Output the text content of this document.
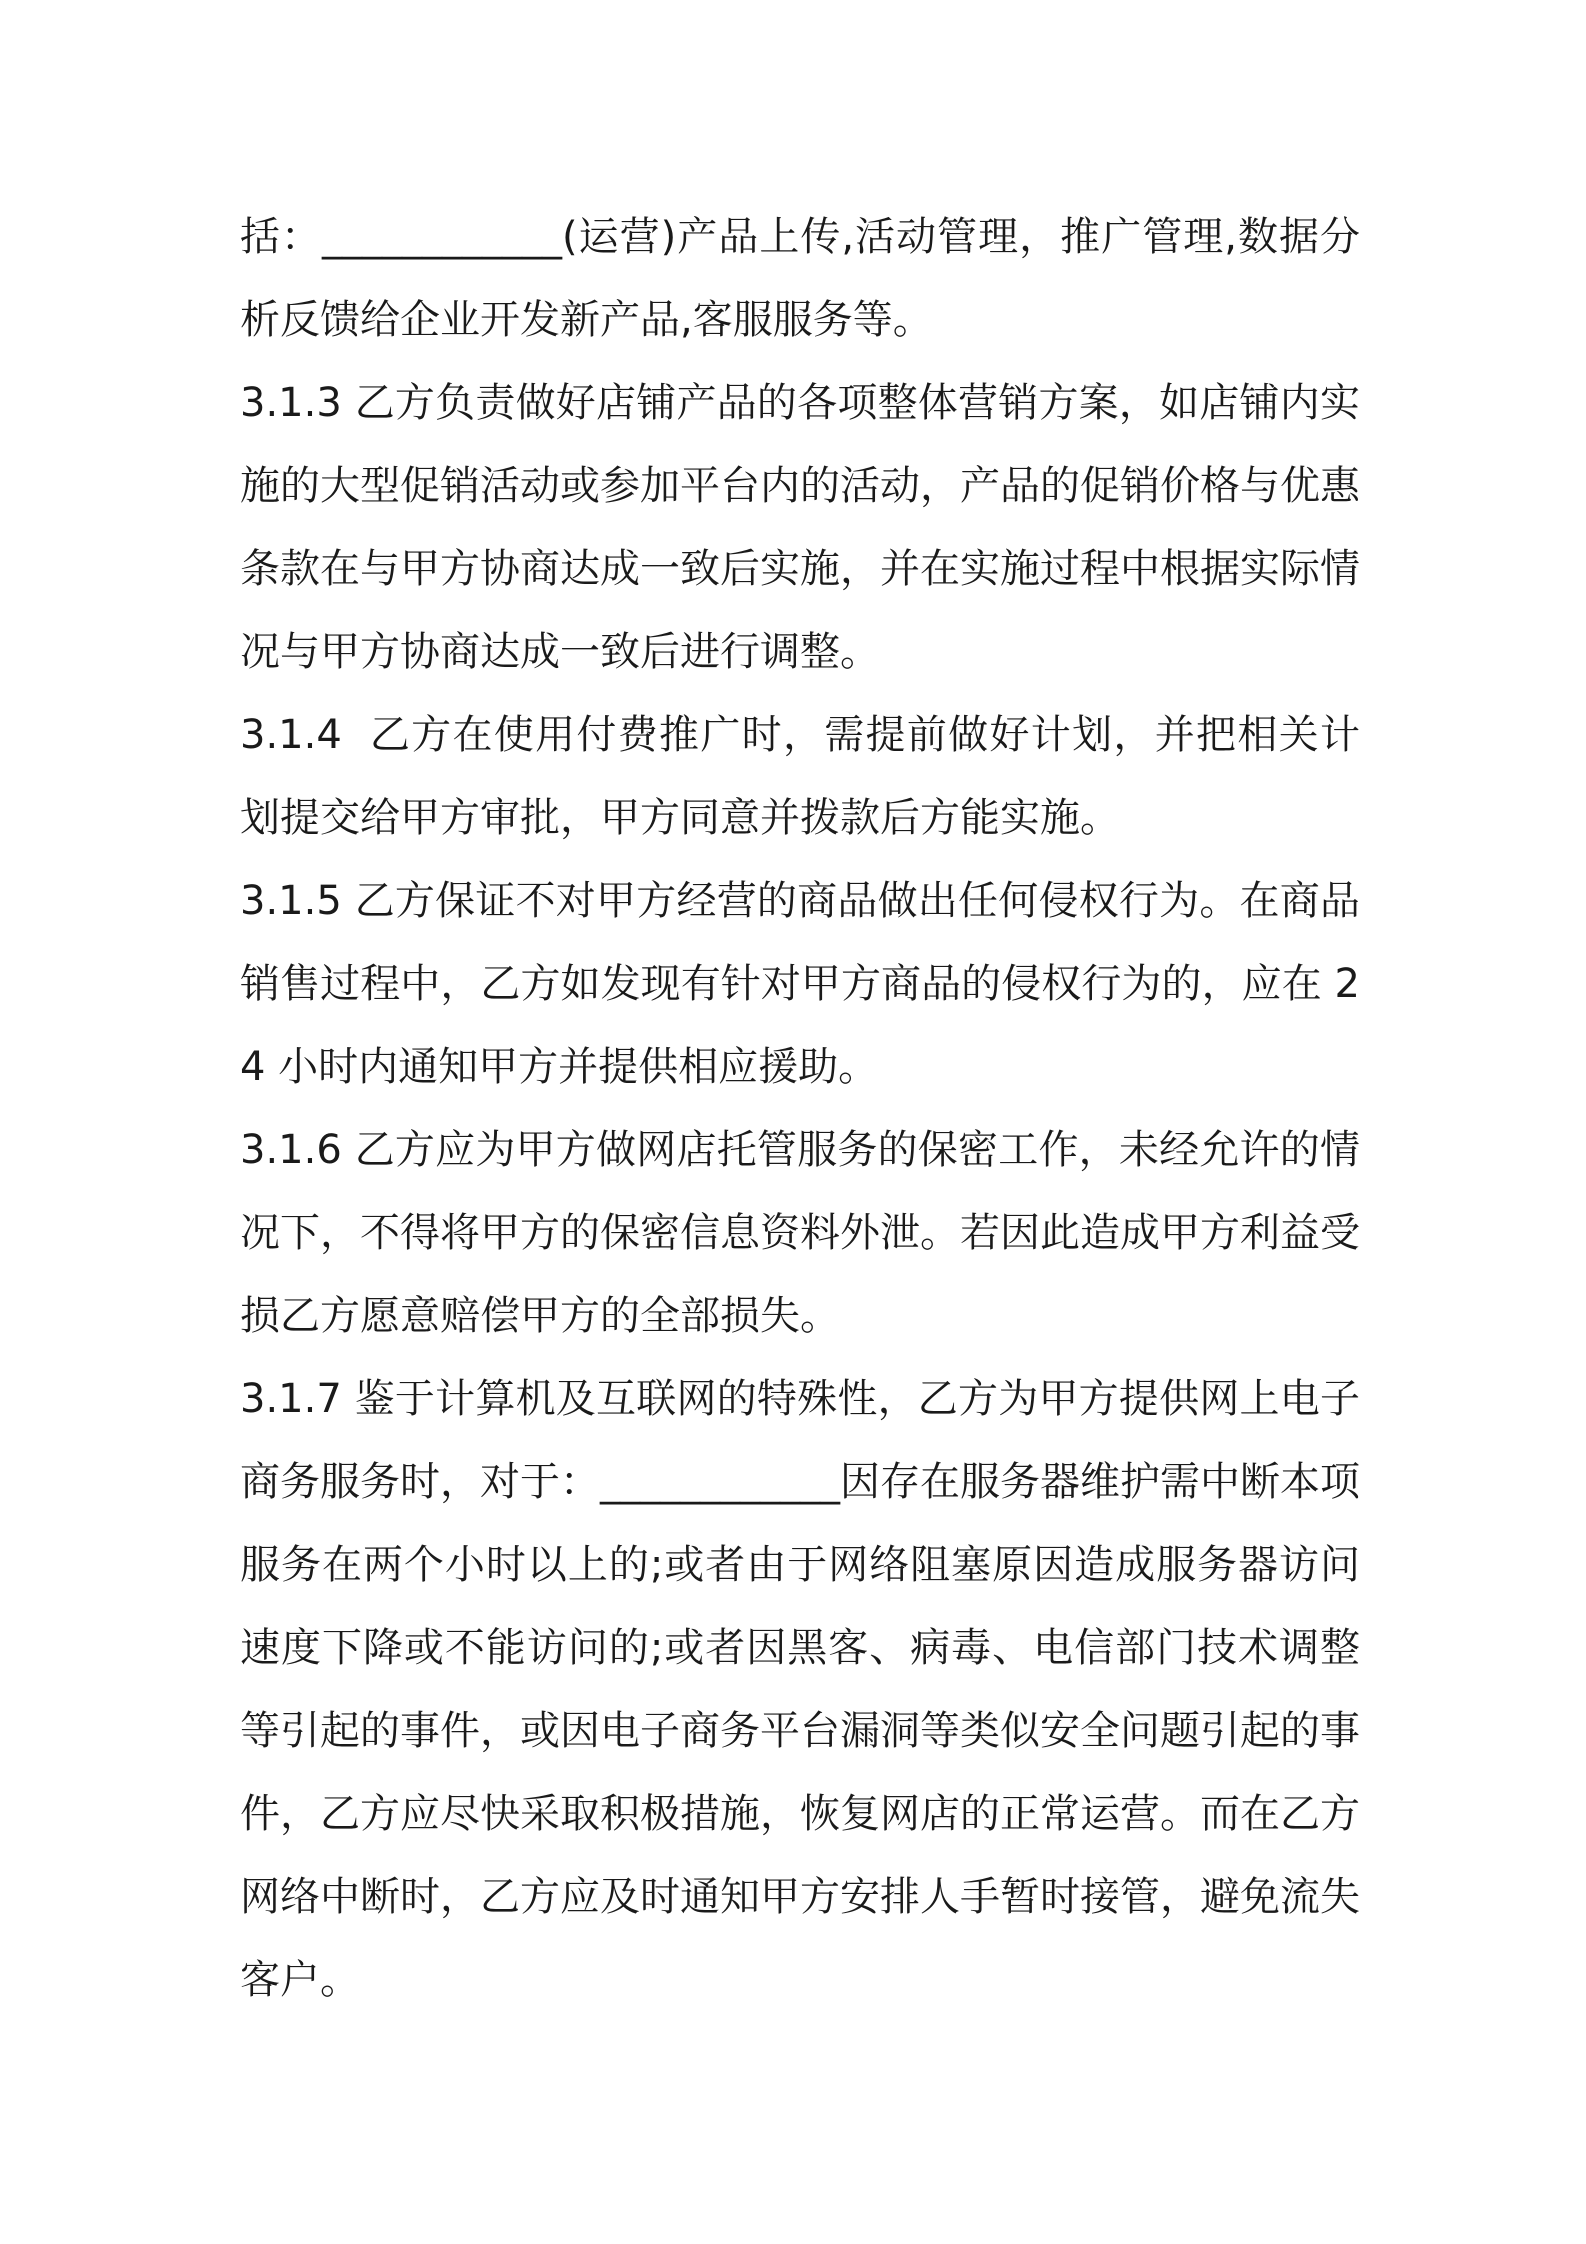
括：____________(运营)产品上传,活动管理，推广管理,数据分析反馈给企业开发新产品,客服服务等。

3.1.3 乙方负责做好店铺产品的各项整体营销方案，如店铺内实施的大型促销活动或参加平台内的活动，产品的促销价格与优惠条款在与甲方协商达成一致后实施，并在实施过程中根据实际情况与甲方协商达成一致后进行调整。

3.1.4  乙方在使用付费推广时，需提前做好计划，并把相关计划提交给甲方审批，甲方同意并拨款后方能实施。

3.1.5 乙方保证不对甲方经营的商品做出任何侵权行为。在商品销售过程中，乙方如发现有针对甲方商品的侵权行为的，应在 24 小时内通知甲方并提供相应援助。

3.1.6 乙方应为甲方做网店托管服务的保密工作，未经允许的情况下，不得将甲方的保密信息资料外泄。若因此造成甲方利益受损乙方愿意赔偿甲方的全部损失。

3.1.7 鉴于计算机及互联网的特殊性，乙方为甲方提供网上电子商务服务时，对于：____________因存在服务器维护需中断本项服务在两个小时以上的;或者由于网络阻塞原因造成服务器访问速度下降或不能访问的;或者因黑客、病毒、电信部门技术调整等引起的事件，或因电子商务平台漏洞等类似安全问题引起的事件，乙方应尽快采取积极措施，恢复网店的正常运营。而在乙方网络中断时，乙方应及时通知甲方安排人手暂时接管，避免流失客户。
